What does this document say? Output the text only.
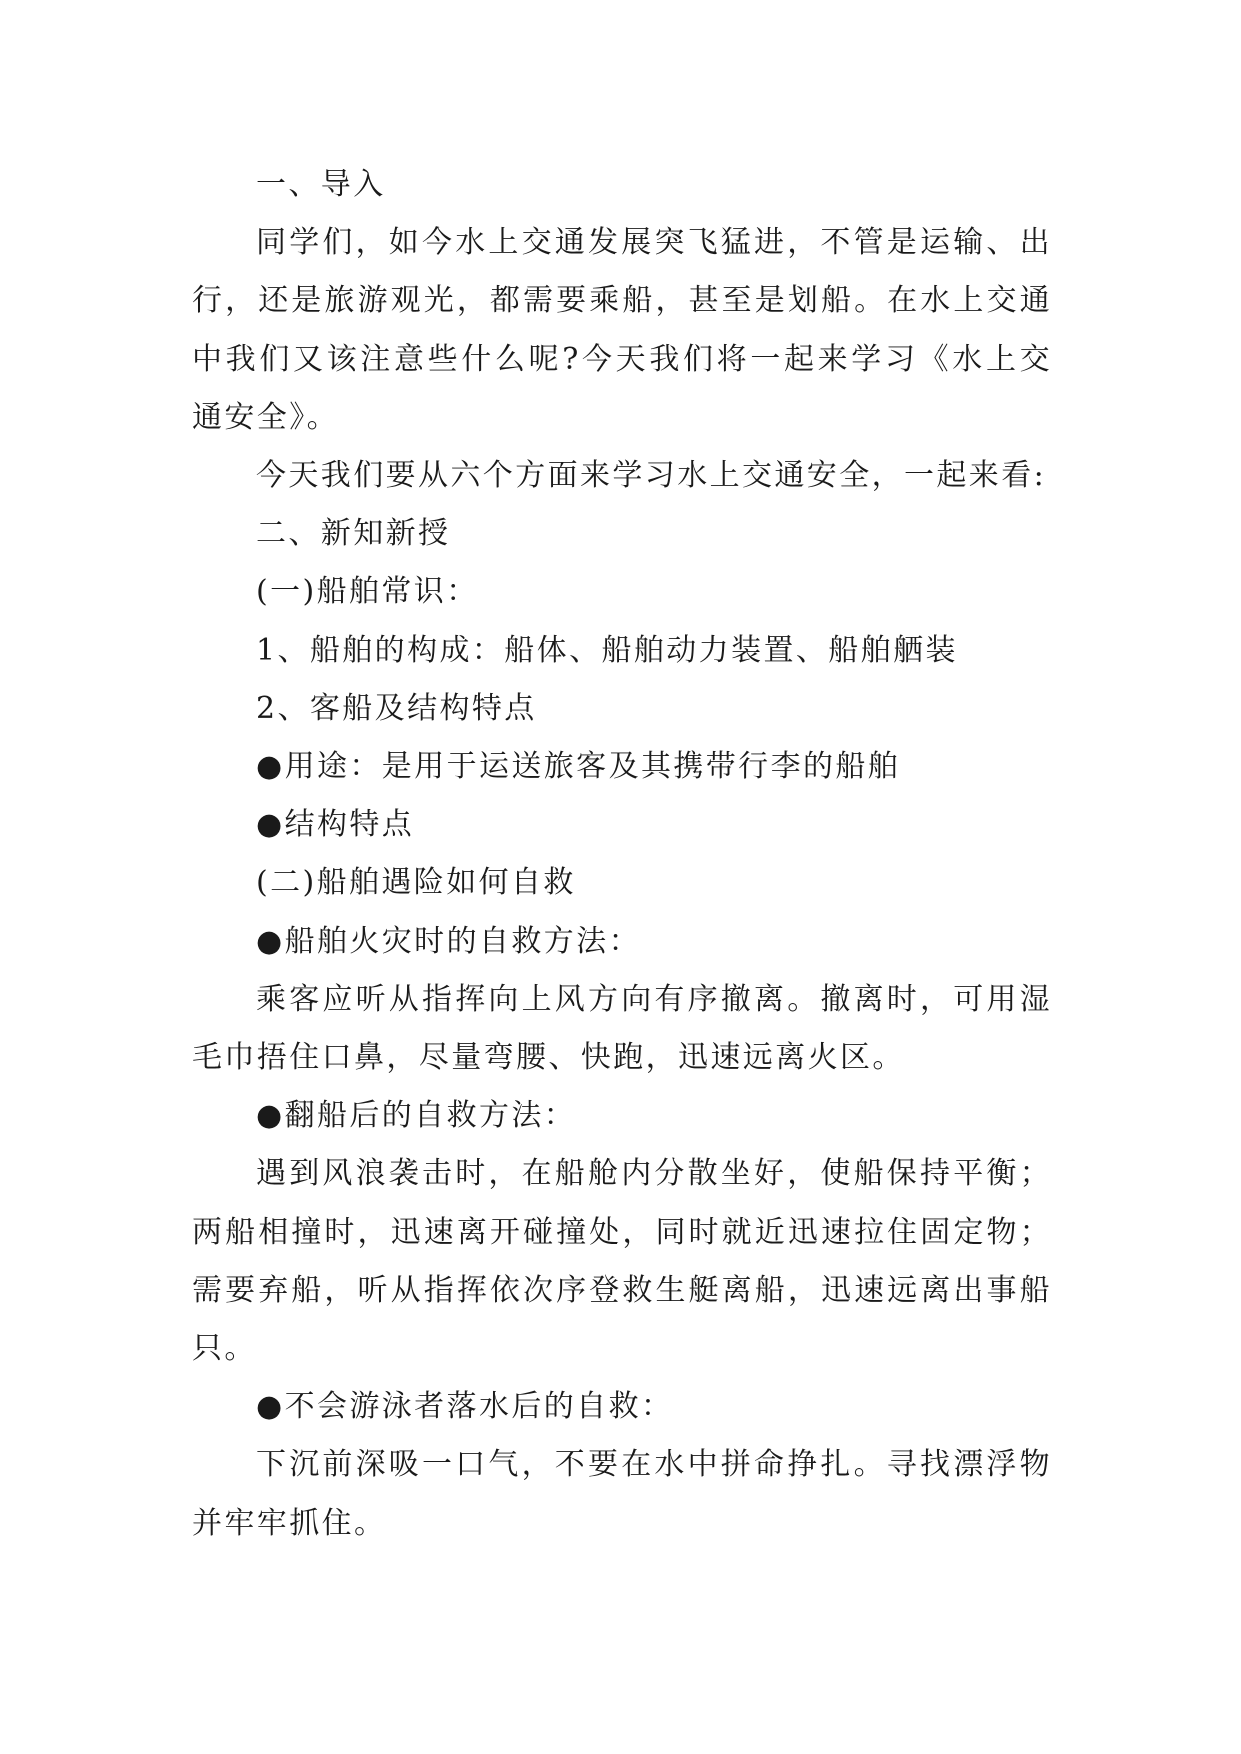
一、导入

同学们，如今水上交通发展突飞猛进，不管是运输、出行，还是旅游观光，都需要乘船，甚至是划船。在水上交通中我们又该注意些什么呢?今天我们将一起来学习《水上交通安全》。

今天我们要从六个方面来学习水上交通安全，一起来看:

二、新知新授

(一)船舶常识：

1、船舶的构成：船体、船舶动力装置、船舶舾装

2、客船及结构特点

●用途：是用于运送旅客及其携带行李的船舶

●结构特点

(二)船舶遇险如何自救

●船舶火灾时的自救方法：

乘客应听从指挥向上风方向有序撤离。撤离时，可用湿毛巾捂住口鼻，尽量弯腰、快跑，迅速远离火区。

●翻船后的自救方法：

遇到风浪袭击时，在船舱内分散坐好，使船保持平衡；两船相撞时，迅速离开碰撞处，同时就近迅速拉住固定物；需要弃船，听从指挥依次序登救生艇离船，迅速远离出事船只。

●不会游泳者落水后的自救：

下沉前深吸一口气，不要在水中拼命挣扎。寻找漂浮物并牢牢抓住。
